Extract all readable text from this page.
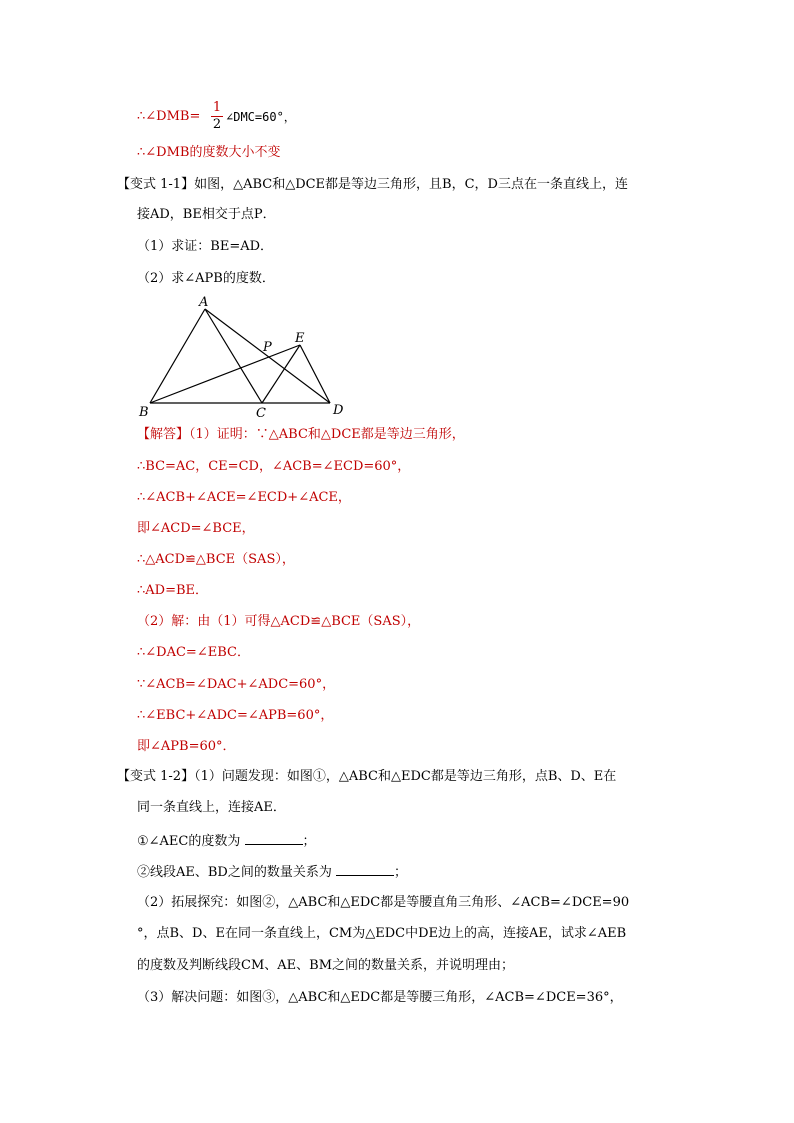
∴∠DMB=
1
2 ∠DMC=60°，
∴∠DMB的度数大小不变
【变式 1-1】如图，△ABC和△DCE都是等边三角形，且B，C，D三点在一条直线上，连
接AD，BE相交于点P．
（1）求证：BE=AD．
（2）求∠APB的度数．
A
B	C	D
E
P
【解答】（1）证明：∵△ABC和△DCE都是等边三角形，
∴BC=AC，CE=CD，∠ACB=∠ECD=60°，
∴∠ACB+∠ACE=∠ECD+∠ACE，
即∠ACD=∠BCE，
∴△ACD≌△BCE（SAS），
∴AD=BE．
（2）解：由（1）可得△ACD≌△BCE（SAS），
∴∠DAC=∠EBC．
∵∠ACB=∠DAC+∠ADC=60°，
∴∠EBC+∠ADC=∠APB=60°，
即∠APB=60°．
【变式 1-2】（1）问题发现：如图①，△ABC和△EDC都是等边三角形，点B、D、E在
同一条直线上，连接AE．
①∠AEC的度数为	；
②线段AE、BD之间的数量关系为	；
（2）拓展探究：如图②，△ABC和△EDC都是等腰直角三角形、∠ACB=∠DCE=90
°，点B、D、E在同一条直线上，CM为△EDC中DE边上的高，连接AE，试求∠AEB
的度数及判断线段CM、AE、BM之间的数量关系，并说明理由；
（3）解决问题：如图③，△ABC和△EDC都是等腰三角形，∠ACB=∠DCE=36°，
